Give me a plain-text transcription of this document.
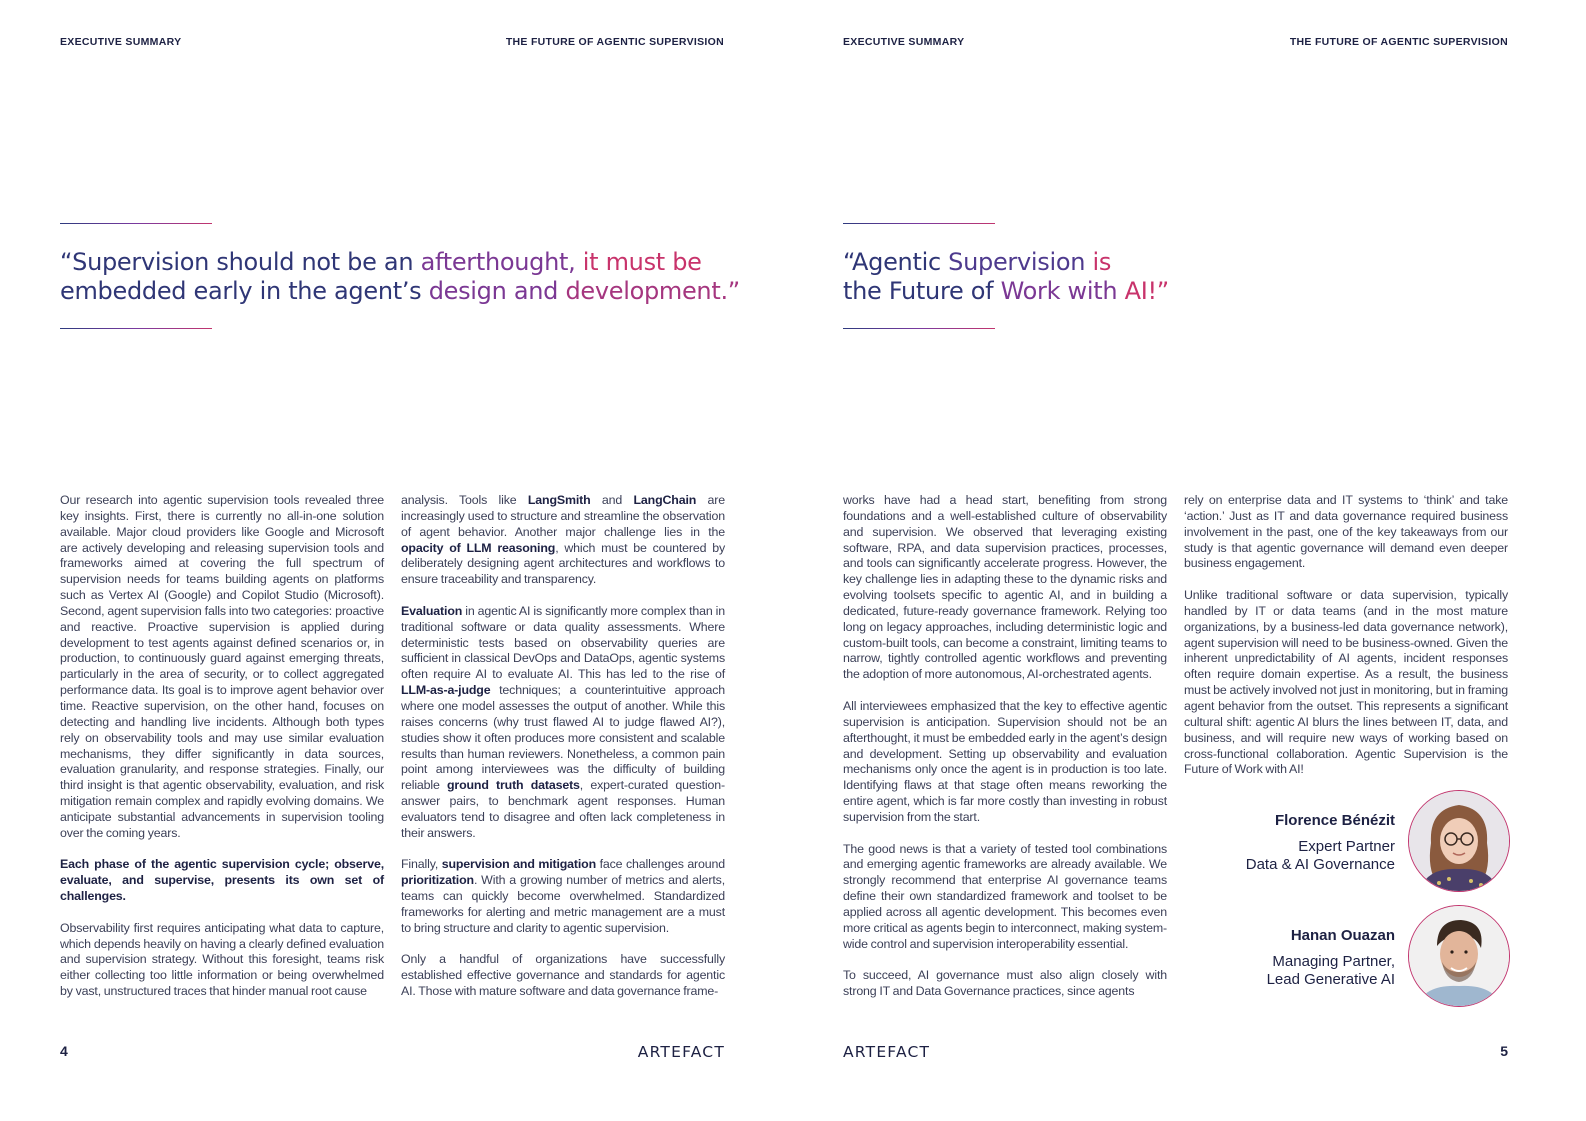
EXECUTIVE SUMMARY	THE FUTURE OF AGENTIC SUPERVISION

“Supervision should not be an afterthought, it must be
embedded early in the agent’s design and development.”

Our research into agentic supervision tools revealed three key insights. First, there is currently no all-in-one solution available. Major cloud providers like Google and Microsoft are actively developing and releasing supervision tools and frameworks aimed at covering the full spectrum of supervision needs for teams building agents on platforms such as Vertex AI (Google) and Copilot Studio (Microsoft). Second, agent supervision falls into two categories: proactive and reactive. Proactive supervision is applied during development to test agents against defined scenarios or, in production, to continuously guard against emerging threats, particularly in the area of security, or to collect aggregated performance data. Its goal is to improve agent behavior over time. Reactive supervision, on the other hand, focuses on detecting and handling live incidents. Although both types rely on observability tools and may use similar evaluation mechanisms, they differ significantly in data sources, evaluation granularity, and response strategies. Finally, our third insight is that agentic observability, evaluation, and risk mitigation remain complex and rapidly evolving domains. We anticipate substantial advancements in supervision tooling over the coming years.

Each phase of the agentic supervision cycle; observe, evaluate, and supervise, presents its own set of challenges.

Observability first requires anticipating what data to capture, which depends heavily on having a clearly defined evaluation and supervision strategy. Without this foresight, teams risk either collecting too little information or being overwhelmed by vast, unstructured traces that hinder manual root cause

analysis. Tools like LangSmith and LangChain are increasingly used to structure and streamline the observation of agent behavior. Another major challenge lies in the opacity of LLM reasoning, which must be countered by deliberately designing agent architectures and workflows to ensure traceability and transparency.

Evaluation in agentic AI is significantly more complex than in traditional software or data quality assessments. Where deterministic tests based on observability queries are sufficient in classical DevOps and DataOps, agentic systems often require AI to evaluate AI. This has led to the rise of LLM-as-a-judge techniques; a counterintuitive approach where one model assesses the output of another. While this raises concerns (why trust flawed AI to judge flawed AI?), studies show it often produces more consistent and scalable results than human reviewers. Nonetheless, a common pain point among interviewees was the difficulty of building reliable ground truth datasets, expert-curated question-answer pairs, to benchmark agent responses. Human evaluators tend to disagree and often lack completeness in their answers.

Finally, supervision and mitigation face challenges around prioritization. With a growing number of metrics and alerts, teams can quickly become overwhelmed. Standardized frameworks for alerting and metric management are a must to bring structure and clarity to agentic supervision.

Only a handful of organizations have successfully established effective governance and standards for agentic AI. Those with mature software and data governance frame-

4	ARTEFACT
EXECUTIVE SUMMARY	THE FUTURE OF AGENTIC SUPERVISION

“Agentic Supervision is
the Future of Work with AI!”

works have had a head start, benefiting from strong foundations and a well-established culture of observability and supervision. We observed that leveraging existing software, RPA, and data supervision practices, processes, and tools can significantly accelerate progress. However, the key challenge lies in adapting these to the dynamic risks and evolving toolsets specific to agentic AI, and in building a dedicated, future-ready governance framework. Relying too long on legacy approaches, including deterministic logic and custom-built tools, can become a constraint, limiting teams to narrow, tightly controlled agentic workflows and preventing the adoption of more autonomous, AI-orchestrated agents.

All interviewees emphasized that the key to effective agentic supervision is anticipation. Supervision should not be an afterthought, it must be embedded early in the agent’s design and development. Setting up observability and evaluation mechanisms only once the agent is in production is too late. Identifying flaws at that stage often means reworking the entire agent, which is far more costly than investing in robust supervision from the start.

The good news is that a variety of tested tool combinations and emerging agentic frameworks are already available. We strongly recommend that enterprise AI governance teams define their own standardized framework and toolset to be applied across all agentic development. This becomes even more critical as agents begin to interconnect, making system-wide control and supervision interoperability essential.

To succeed, AI governance must also align closely with strong IT and Data Governance practices, since agents

rely on enterprise data and IT systems to ‘think’ and take ‘action.’ Just as IT and data governance required business involvement in the past, one of the key takeaways from our study is that agentic governance will demand even deeper business engagement.

Unlike traditional software or data supervision, typically handled by IT or data teams (and in the most mature organizations, by a business-led data governance network), agent supervision will need to be business-owned. Given the inherent unpredictability of AI agents, incident responses often require domain expertise. As a result, the business must be actively involved not just in monitoring, but in framing agent behavior from the outset. This represents a significant cultural shift: agentic AI blurs the lines between IT, data, and business, and will require new ways of working based on cross-functional collaboration. Agentic Supervision is the Future of Work with AI!

Florence Bénézit
Expert Partner
Data & AI Governance
Hanan Ouazan
Managing Partner,
Lead Generative AI
ARTEFACT	5
